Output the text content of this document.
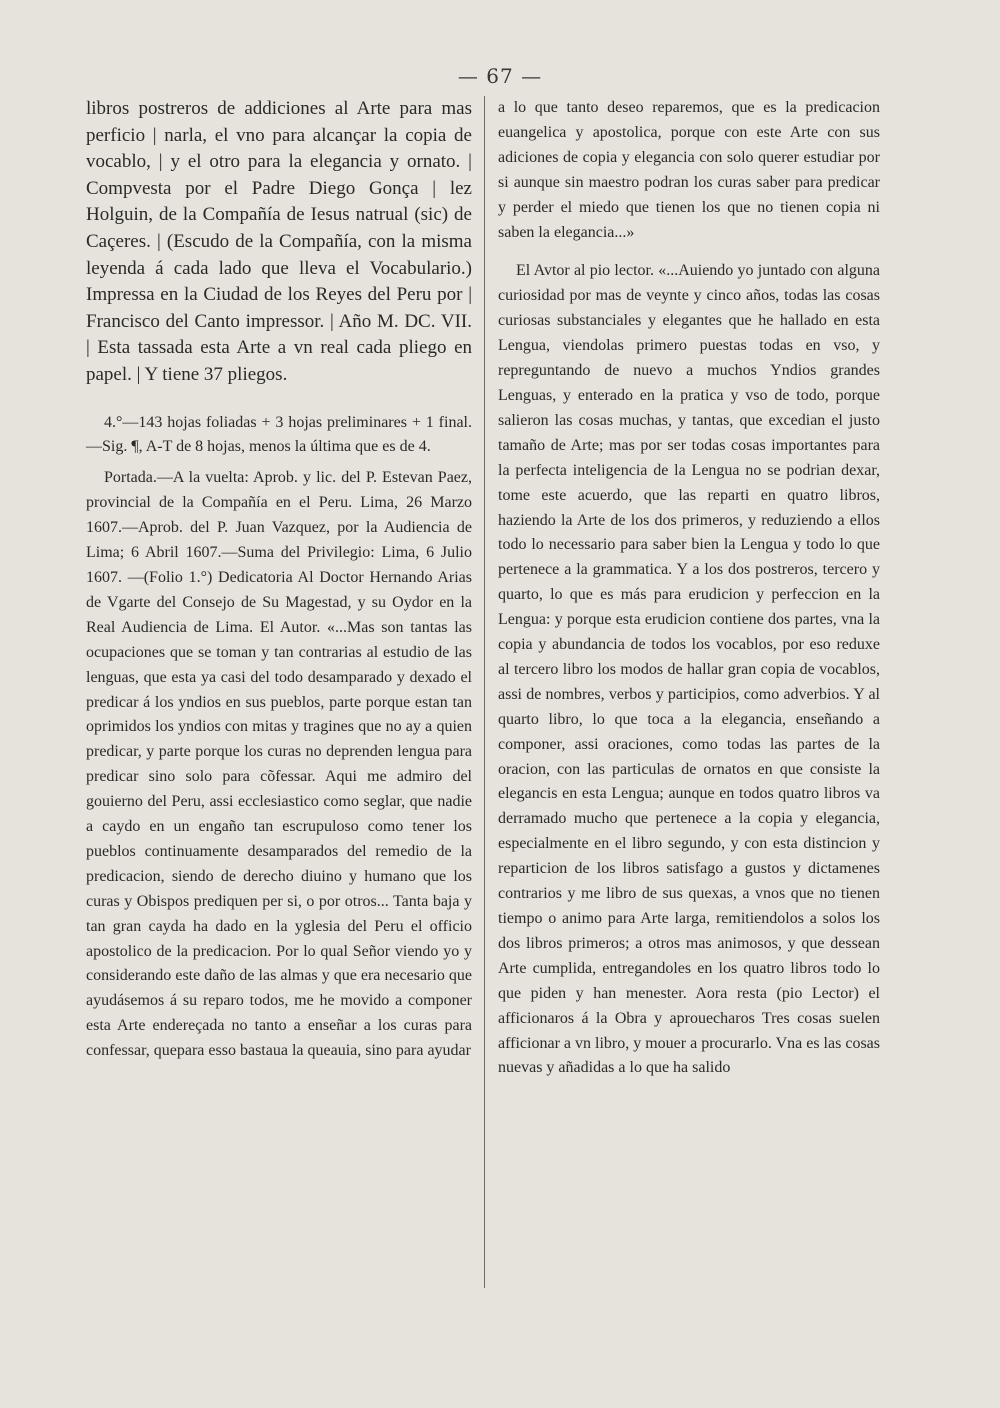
— 67 —

libros postreros de addiciones al Arte para mas perficio | narla, el vno para alcançar la copia de vocablo, | y el otro para la elegancia y ornato. | Compvesta por el Padre Diego Gonça | lez Holguin, de la Compañía de Iesus natrual (sic) de Caçeres. | (Escudo de la Compañía, con la misma leyenda á cada lado que lleva el Vocabulario.) Impressa en la Ciudad de los Reyes del Peru por | Francisco del Canto impressor. | Año M. DC. VII. | Esta tassada esta Arte a vn real cada pliego en papel. | Y tiene 37 pliegos.

4.°—143 hojas foliadas + 3 hojas preliminares + 1 final.—Sig. ¶, A-T de 8 hojas, menos la última que es de 4.

Portada.—A la vuelta: Aprob. y lic. del P. Estevan Paez, provincial de la Compañía en el Peru. Lima, 26 Marzo 1607.—Aprob. del P. Juan Vazquez, por la Audiencia de Lima; 6 Abril 1607.—Suma del Privilegio: Lima, 6 Julio 1607. —(Folio 1.°) Dedicatoria Al Doctor Hernando Arias de Vgarte del Consejo de Su Magestad, y su Oydor en la Real Audiencia de Lima. El Autor. «...Mas son tantas las ocupaciones que se toman y tan contrarias al estudio de las lenguas, que esta ya casi del todo desamparado y dexado el predicar á los yndios en sus pueblos, parte porque estan tan oprimidos los yndios con mitas y tragines que no ay a quien predicar, y parte porque los curas no deprenden lengua para predicar sino solo para cõfessar. Aqui me admiro del gouierno del Peru, assi ecclesiastico como seglar, que nadie a caydo en un engaño tan escrupuloso como tener los pueblos continuamente desamparados del remedio de la predicacion, siendo de derecho diuino y humano que los curas y Obispos prediquen per si, o por otros... Tanta baja y tan gran cayda ha dado en la yglesia del Peru el officio apostolico de la predicacion. Por lo qual Señor viendo yo y considerando este daño de las almas y que era necesario que ayudásemos á su reparo todos, me he movido a componer esta Arte endereçada no tanto a enseñar a los curas para confessar, quepara esso bastaua la queauia, sino para ayudar

a lo que tanto deseo reparemos, que es la predicacion euangelica y apostolica, porque con este Arte con sus adiciones de copia y elegancia con solo querer estudiar por si aunque sin maestro podran los curas saber para predicar y perder el miedo que tienen los que no tienen copia ni saben la elegancia...»

El Avtor al pio lector. «...Auiendo yo juntado con alguna curiosidad por mas de veynte y cinco años, todas las cosas curiosas substanciales y elegantes que he hallado en esta Lengua, viendolas primero puestas todas en vso, y repreguntando de nuevo a muchos Yndios grandes Lenguas, y enterado en la pratica y vso de todo, porque salieron las cosas muchas, y tantas, que excedian el justo tamaño de Arte; mas por ser todas cosas importantes para la perfecta inteligencia de la Lengua no se podrian dexar, tome este acuerdo, que las reparti en quatro libros, haziendo la Arte de los dos primeros, y reduziendo a ellos todo lo necessario para saber bien la Lengua y todo lo que pertenece a la grammatica. Y a los dos postreros, tercero y quarto, lo que es más para erudicion y perfeccion en la Lengua: y porque esta erudicion contiene dos partes, vna la copia y abundancia de todos los vocablos, por eso reduxe al tercero libro los modos de hallar gran copia de vocablos, assi de nombres, verbos y participios, como adverbios. Y al quarto libro, lo que toca a la elegancia, enseñando a componer, assi oraciones, como todas las partes de la oracion, con las particulas de ornatos en que consiste la elegancis en esta Lengua; aunque en todos quatro libros va derramado mucho que pertenece a la copia y elegancia, especialmente en el libro segundo, y con esta distincion y reparticion de los libros satisfago a gustos y dictamenes contrarios y me libro de sus quexas, a vnos que no tienen tiempo o animo para Arte larga, remitiendolos a solos los dos libros primeros; a otros mas animosos, y que dessean Arte cumplida, entregandoles en los quatro libros todo lo que piden y han menester. Aora resta (pio Lector) el afficionaros á la Obra y aprouecharos Tres cosas suelen afficionar a vn libro, y mouer a procurarlo. Vna es las cosas nuevas y añadidas a lo que ha salido
